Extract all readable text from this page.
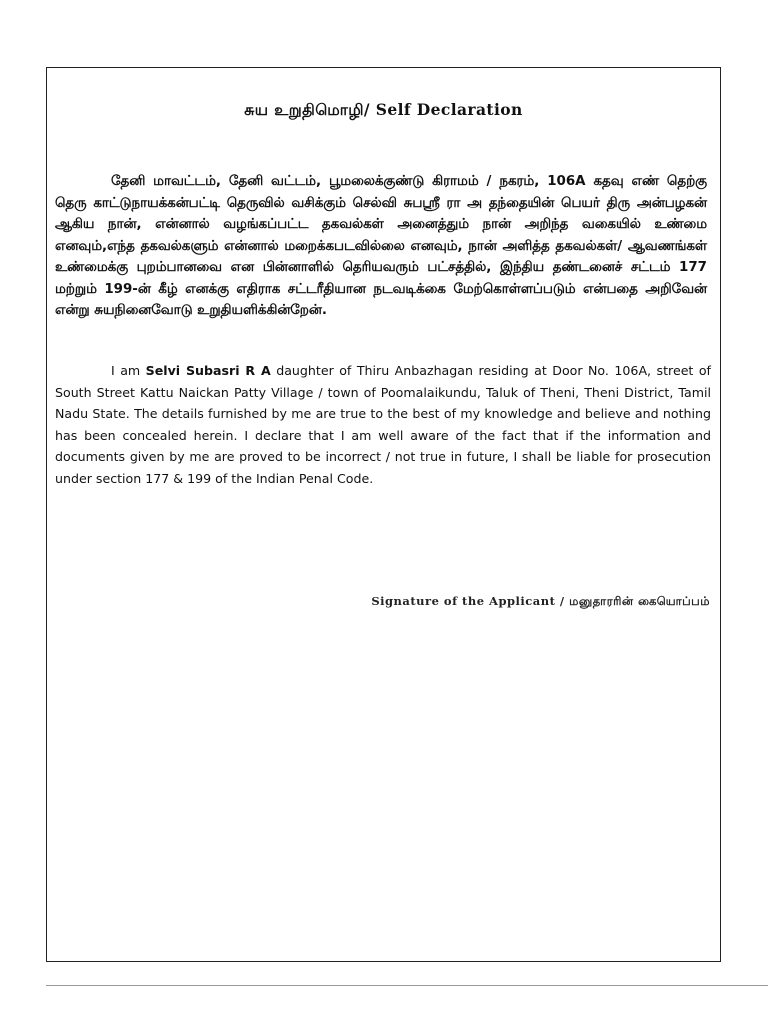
சுய உறுதிமொழி/ Self Declaration

தேனி மாவட்டம், தேனி வட்டம், பூமலைக்குண்டு கிராமம் / நகரம், 106A கதவு எண் தெற்கு தெரு காட்டுநாயக்கன்பட்டி தெருவில் வசிக்கும் செல்வி சுபஸ்ரீ ரா அ தந்தையின் பெயர் திரு அன்பழகன் ஆகிய நான், என்னால் வழங்கப்பட்ட தகவல்கள் அனைத்தும் நான் அறிந்த வகையில் உண்மை எனவும்,எந்த தகவல்களும் என்னால் மறைக்கபடவில்லை எனவும், நான் அளித்த தகவல்கள்/ ஆவணங்கள் உண்மைக்கு புறம்பானவை என பின்னாளில் தெரியவரும் பட்சத்தில், இந்திய தண்டனைச் சட்டம் 177 மற்றும் 199-ன் கீழ் எனக்கு எதிராக சட்டரீதியான நடவடிக்கை மேற்கொள்ளப்படும் என்பதை அறிவேன் என்று சுயநினைவோடு உறுதியளிக்கின்றேன்.

I am Selvi Subasri R A daughter of Thiru Anbazhagan residing at Door No. 106A, street of South Street Kattu Naickan Patty Village / town of Poomalaikundu, Taluk of Theni, Theni District, Tamil Nadu State. The details furnished by me are true to the best of my knowledge and believe and nothing has been concealed herein. I declare that I am well aware of the fact that if the information and documents given by me are proved to be incorrect / not true in future, I shall be liable for prosecution under section 177 & 199 of the Indian Penal Code.

Signature of the Applicant / மனுதாரரின் கையொப்பம்
